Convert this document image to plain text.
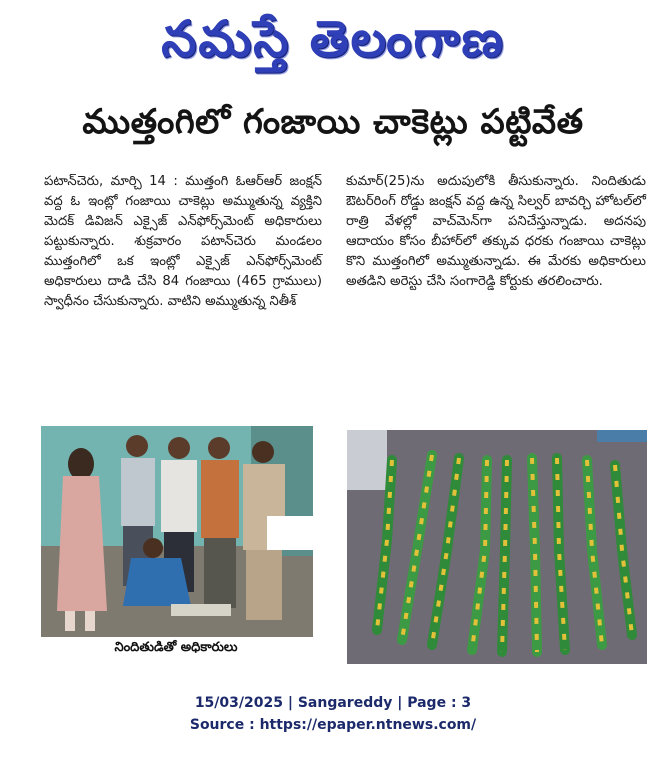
నమస్తే తెలంగాణ
ముత్తంగిలో గంజాయి చాకెట్లు పట్టివేత

పటాన్‌చెరు, మార్చి 14 : ముత్తంగి ఓఆర్‌ఆర్ జంక్షన్ వద్ద ఓ ఇంట్లో గంజాయి చాకెట్లు అమ్ముతున్న వ్యక్తిని మెదక్ డివిజన్ ఎక్సైజ్ ఎన్‌ఫోర్స్‌మెంట్ అధికారులు పట్టుకున్నారు. శుక్రవారం పటాన్‌చెరు మండలం ముత్తంగిలో ఒక ఇంట్లో ఎక్సైజ్ ఎన్‌ఫోర్స్‌మెంట్ అధికారులు దాడి చేసి 84 గంజాయి (465 గ్రాములు) స్వాధీనం చేసుకున్నారు. వాటిని అమ్ముతున్న నితీశ్

కుమార్(25)ను అదుపులోకి తీసుకున్నారు. నిందితుడు ఔటర్‌రింగ్ రోడ్డు జంక్షన్ వద్ద ఉన్న సిల్వర్ బావర్చి హోటల్‌లో రాత్రి వేళల్లో వాచ్‌మెన్‌గా పనిచేస్తున్నాడు. అదనపు ఆదాయం కోసం బీహార్‌లో తక్కువ ధరకు గంజాయి చాకెట్లు కొని ముత్తంగిలో అమ్ముతున్నాడు. ఈ మేరకు అధికారులు అతడిని అరెస్టు చేసి సంగారెడ్డి కోర్టుకు తరలించారు.

నిందితుడితో అధికారులు
15/03/2025 | Sangareddy | Page : 3
Source : https://epaper.ntnews.com/
